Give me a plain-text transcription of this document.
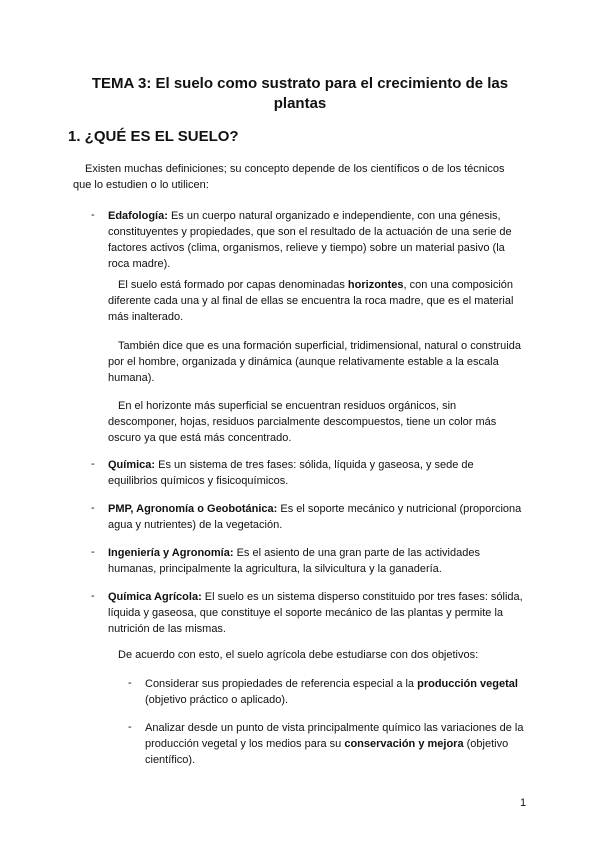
TEMA 3: El suelo como sustrato para el crecimiento de las
plantas
1. ¿QUÉ ES EL SUELO?
Existen muchas definiciones; su concepto depende de los científicos o de los técnicos que lo estudien o lo utilicen:
- Edafología: Es un cuerpo natural organizado e independiente, con una génesis, constituyentes y propiedades, que son el resultado de la actuación de una serie de factores activos (clima, organismos, relieve y tiempo) sobre un material pasivo (la roca madre).
El suelo está formado por capas denominadas horizontes, con una composición diferente cada una y al final de ellas se encuentra la roca madre, que es el material más inalterado.
También dice que es una formación superficial, tridimensional, natural o construida por el hombre, organizada y dinámica (aunque relativamente estable a la escala humana).
En el horizonte más superficial se encuentran residuos orgánicos, sin descomponer, hojas, residuos parcialmente descompuestos, tiene un color más oscuro ya que está más concentrado.
- Química: Es un sistema de tres fases: sólida, líquida y gaseosa, y sede de equilibrios químicos y fisicoquímicos.
- PMP, Agronomía o Geobotánica: Es el soporte mecánico y nutricional (proporciona agua y nutrientes) de la vegetación.
- Ingeniería y Agronomía: Es el asiento de una gran parte de las actividades humanas, principalmente la agricultura, la silvicultura y la ganadería.
- Química Agrícola: El suelo es un sistema disperso constituido por tres fases: sólida, líquida y gaseosa, que constituye el soporte mecánico de las plantas y permite la nutrición de las mismas.
De acuerdo con esto, el suelo agrícola debe estudiarse con dos objetivos:
- Considerar sus propiedades de referencia especial a la producción vegetal (objetivo práctico o aplicado).
- Analizar desde un punto de vista principalmente químico las variaciones de la producción vegetal y los medios para su conservación y mejora (objetivo científico).
1
